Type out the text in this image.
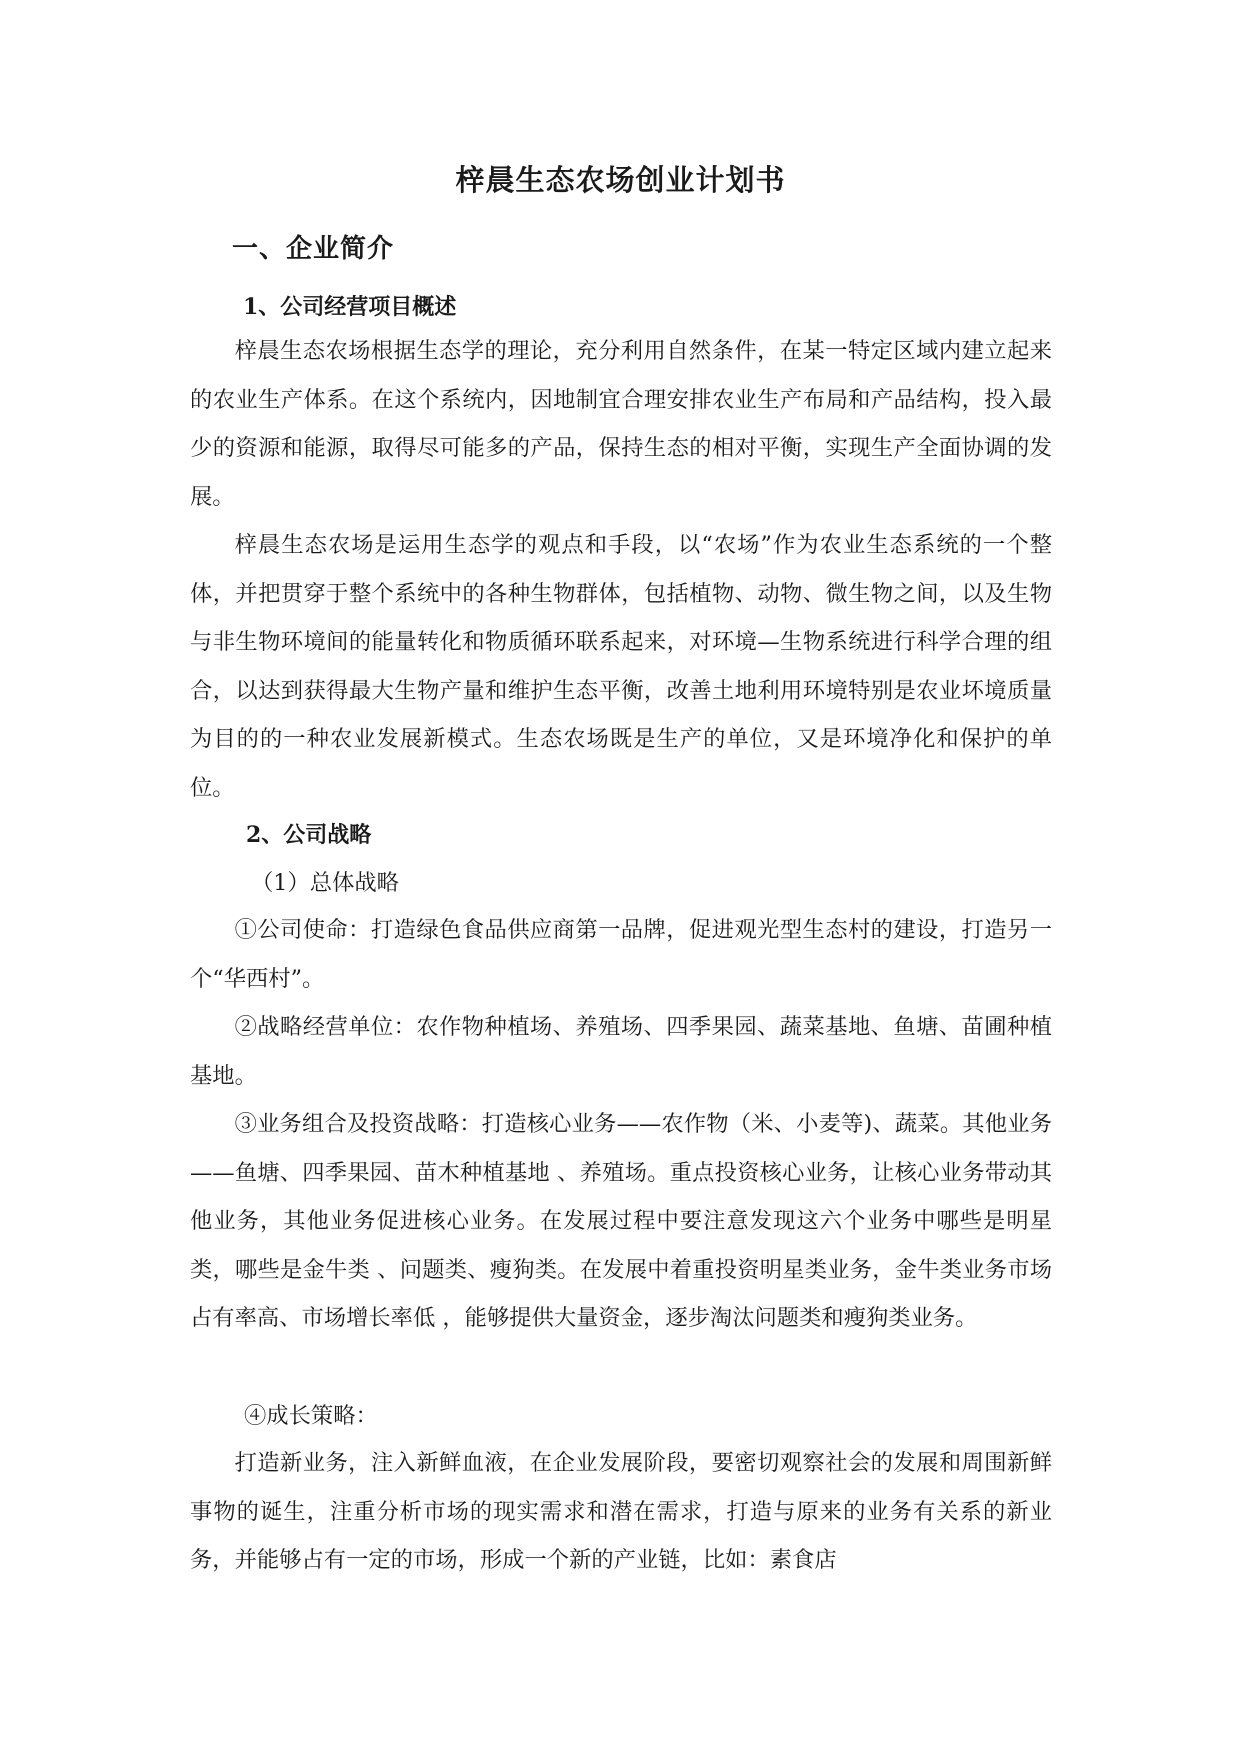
梓晨生态农场创业计划书
一、企业简介
1、公司经营项目概述

梓晨生态农场根据生态学的理论，充分利用自然条件，在某一特定区域内建立起来的农业生产体系。在这个系统内，因地制宜合理安排农业生产布局和产品结构，投入最少的资源和能源，取得尽可能多的产品，保持生态的相对平衡，实现生产全面协调的发展。

梓晨生态农场是运用生态学的观点和手段，以“农场”作为农业生态系统的一个整体，并把贯穿于整个系统中的各种生物群体，包括植物、动物、微生物之间，以及生物与非生物环境间的能量转化和物质循环联系起来，对环境—生物系统进行科学合理的组合，以达到获得最大生物产量和维护生态平衡，改善土地利用环境特别是农业坏境质量为目的的一种农业发展新模式。生态农场既是生产的单位，又是环境净化和保护的单位。

2、公司战略
（1）总体战略

①公司使命：打造绿色食品供应商第一品牌，促进观光型生态村的建设，打造另一个“华西村”。

②战略经营单位：农作物种植场、养殖场、四季果园、蔬菜基地、鱼塘、苗圃种植基地。

③业务组合及投资战略：打造核心业务——农作物（米、小麦等)、蔬菜。其他业务——鱼塘、四季果园、苗木种植基地 、养殖场。重点投资核心业务，让核心业务带动其他业务，其他业务促进核心业务。在发展过程中要注意发现这六个业务中哪些是明星类，哪些是金牛类 、问题类、瘦狗类。在发展中着重投资明星类业务，金牛类业务市场占有率高、市场增长率低 ，能够提供大量资金，逐步淘汰问题类和瘦狗类业务。

④成长策略：

打造新业务，注入新鲜血液，在企业发展阶段，要密切观察社会的发展和周围新鲜事物的诞生，注重分析市场的现实需求和潜在需求，打造与原来的业务有关系的新业务，并能够占有一定的市场，形成一个新的产业链，比如：素食店
